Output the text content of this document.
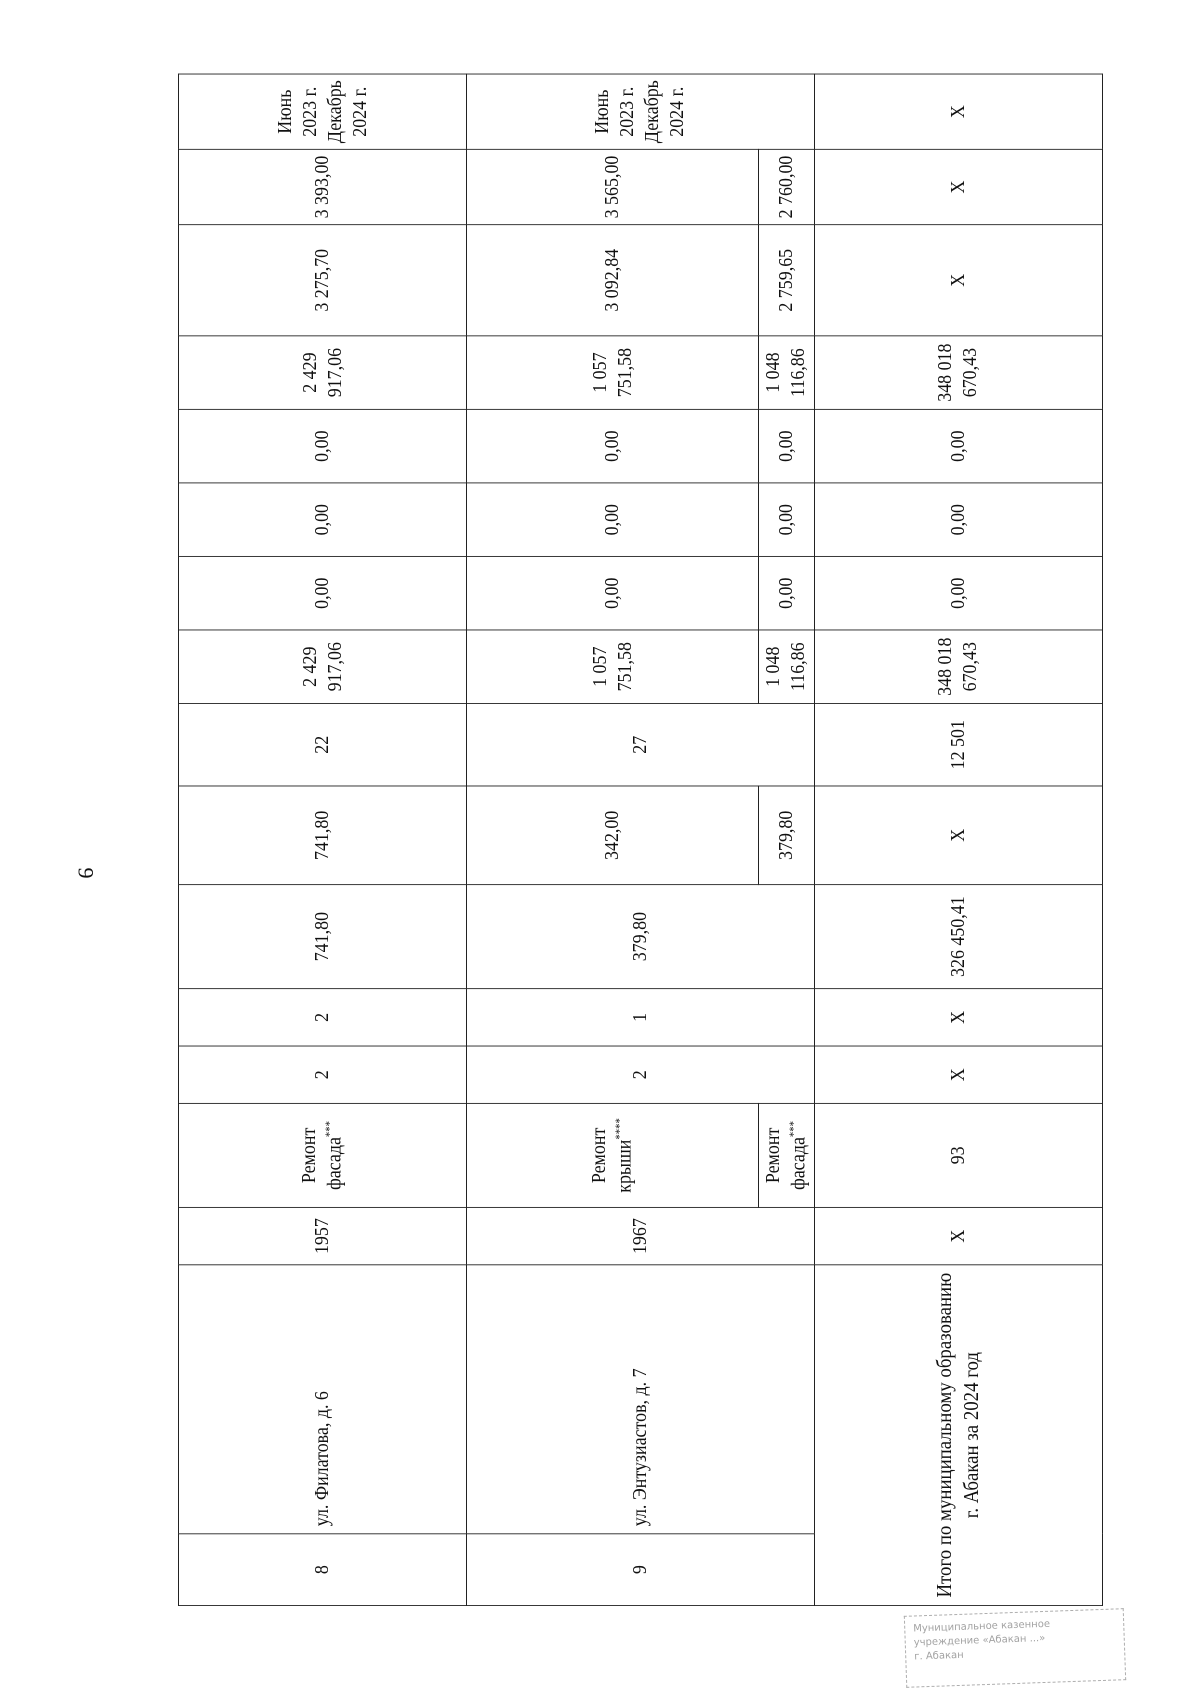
9
8	ул. Филатова, д. 6	1957	Ремонт фасада***	2	2	741,80	741,80	22	2 429 917,06	0,00	0,00	0,00	2 429 917,06	3 275,70	3 393,00	Июнь 2023 г. Декабрь 2024 г.
9	ул. Энтузиастов, д. 7	1967	Ремонт крыши****	2	1	379,80	342,00	27	1 057 751,58	0,00	0,00	0,00	1 057 751,58	3 092,84	3 565,00	Июнь 2023 г. Декабрь 2024 г.
			Ремонт фасада***				379,80		1 048 116,86	0,00	0,00	0,00	1 048 116,86	2 759,65	2 760,00	
Итого по муниципальному образованию г. Абакан за 2024 год		X	93	X	X	326 450,41	X	12 501	348 018 670,43	0,00	0,00	0,00	348 018 670,43	X	X	X
Муниципальное казенное
учреждение «Абакан ...»
г. Абакан
